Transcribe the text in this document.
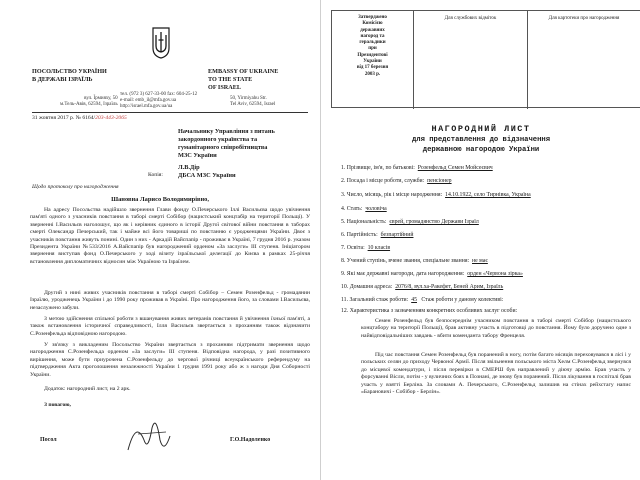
ПОСОЛЬСТВО УКРАЇНИ
В ДЕРЖАВІ ІЗРАЇЛЬ
EMBASSY OF UKRAINE
TO THE STATE
OF ISRAEL
вул. Їрмияху, 50
м.Тель-Авів, 62594, Ізраїль
тел. (972 3) 627-33-00 fax: 604-25-12
e-mail: emb_il@mfa.gov.ua
http://israel.mfa.gov.ua/ua
50, Yirmiyahu Str.
Tel Aviv, 62594, Israel
31 жовтня 2017 р. № 6164/203-443-2065
Начальнику Управління з питань
закордонного українства та
гуманітарного співробітництва
МЗС України
Л.В.Дір
Копія: ДБСА МЗС України
Щодо протоколу про нагородження
Шановна Ларисо Володимирівно,
На адресу Посольства надійшло звернення Глави фонду О.Печерського Іллі Васильєва щодо увічнення пам'яті одного з учасників повстання в таборі смерті Собібор (нацистський концтабір на території Польщі). У зверненні І.Васильєв наголошує, що як і керівник єдиного в історії Другої світової війни повстання в таборах смерті Олександр Печерський, так і майже всі його товариші по повстанню є уродженцями України. Двоє з учасників повстання живуть понині. Один з них - Аркадій Вайспапір - проживає в Україні, 7 грудня 2016 р. указом Президента України №533/2016 А.Вайспапір був нагороджений орденом «За заслуги» III ступеня. Ініціатором звернення виступав фонд О.Печерського у ході візиту ізраїльської делегації до Києва в рамках 25-річчя встановлення дипломатичних відносин між Україною та Ізраїлем.
Другий з нині живих учасників повстання в таборі смерті Собібор – Семен Розенфельд - громадянин Ізраїлю, уродженець України і до 1990 року проживав в Україні. Про нагородження його, за словами І.Васильєва, незаслужено забули.
З метою здійснення спільної роботи з вшанування живих ветеранів повстання й увічнення їхньої пам'яті, а також встановлення історичної справедливості, Ілля Васильєв звертається з проханням також відзначити С.Розенфельда відповідною нагородою.
У зв'язку з викладеним Посольство України звертається з проханням підтримати звернення щодо нагородження С.Розенфельда орденом «За заслуги» III ступеня. Відповідна нагорода, у разі позитивного вирішення, може бути приурочена С.Розенфельду до чергової річниці всеукраїнського референдуму на підтвердження Акта проголошення незалежності України 1 грудня 1991 року або ж з нагоди Дня Соборності України.
Додаток: нагородний лист, на 2 арк.
З повагою,
Посол	Г.О.Надоленко
Затверджено
Комісією
державних
нагород та
геральдики
при
Президентові
України
від 17 березня
2003 р.
Для службових відміток	Для картотеки про нагородження
НАГОРОДНИЙ ЛИСТ
для представлення до відзначення
державною нагородою України
1. Прізвище, ім'я, по батькові: Розенфельд Семен Мойсеєвич
2. Посада і місце роботи, служби: пенсіонер
3. Число, місяць, рік і місце народження: 14.10.1922, село Тирнівка, Україна
4. Стать: чоловіча
5. Національність: єврей, громадянство Держави Ізраїл
6. Партійність: безпартійний
7. Освіта: 10 класів
8. Учений ступінь, вчене звання, спеціальне звання: не має
9. Які має державні нагороди, дата нагородження: орден «Червона зірка»
10. Домашня адреса: 2076/8, вул.ха-Ракефет, Беней Арим, Ізраїль
11. Загальний стаж роботи: 45 Стаж роботи у даному колективі:
12. Характеристика з зазначенням конкретних особливих заслуг особи:
Семен Розенфельд був безпосереднім учасником повстання в таборі смерті Собібор (нацистського концтабору на території Польщі), брав активну участь в підготовці до повстання. Йому було доручено одне з найвідповідальніших завдань - вбити коменданта табору Френцеля.
Під час повстання Семен Розенфельд був поранений в ногу, потім багато місяців переховувався в лісі і у польських селян до приходу Червоної Армії. Після звільнення польського міста Хелм С.Розенфельд звернувся до місцевої комендатури, і після перевірки в СМЕРШ був направлений у діючу армію. Брав участь у форсуванні Вісли, потім - у вуличних боях в Познані, де знову був поранений. Після лікування в госпіталі брав участь у взятті Берліна. За словами А. Печерського, С.Розенфельд залишив на стінах рейхстагу напис «Барановичі - Собібор - Берлін».
